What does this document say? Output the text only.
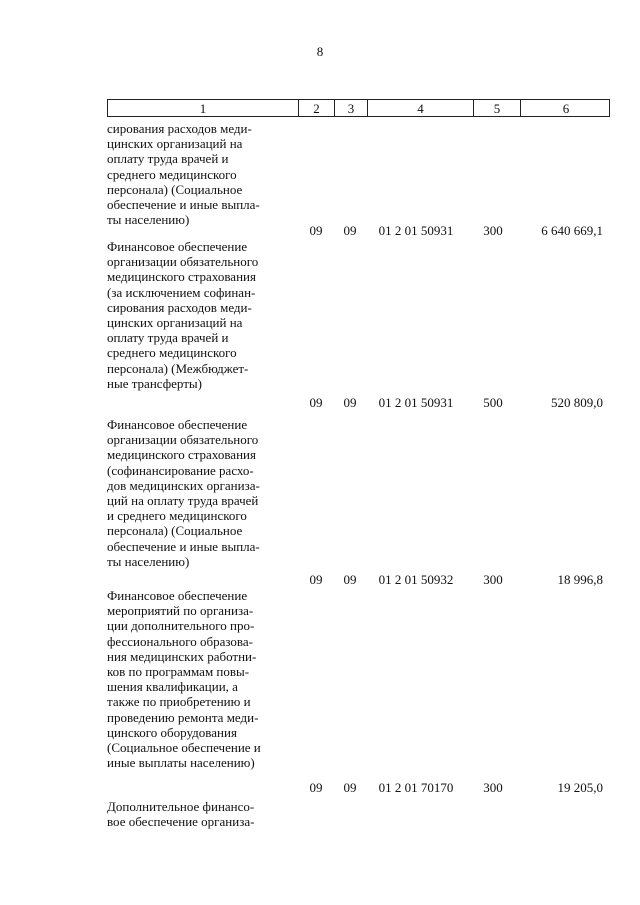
8
1	2	3	4	5	6
сирования расходов меди-
цинских организаций на
оплату труда врачей и
среднего медицинского
персонала) (Социальное
обеспечение и иные выпла-
ты населению)
09	09	01 2 01 50931	300	6 640 669,1
Финансовое обеспечение
организации обязательного
медицинского страхования
(за исключением софинан-
сирования расходов меди-
цинских организаций на
оплату труда врачей и
среднего медицинского
персонала) (Межбюджет-
ные трансферты)
09	09	01 2 01 50931	500	520 809,0
Финансовое обеспечение
организации обязательного
медицинского страхования
(софинансирование расхо-
дов медицинских организа-
ций на оплату труда врачей
и среднего медицинского
персонала) (Социальное
обеспечение и иные выпла-
ты населению)
09	09	01 2 01 50932	300	18 996,8
Финансовое обеспечение
мероприятий по организа-
ции дополнительного про-
фессионального образова-
ния медицинских работни-
ков по программам повы-
шения квалификации, а
также по приобретению и
проведению ремонта меди-
цинского оборудования
(Социальное обеспечение и
иные выплаты населению)
09	09	01 2 01 70170	300	19 205,0
Дополнительное финансо-
вое обеспечение организа-
